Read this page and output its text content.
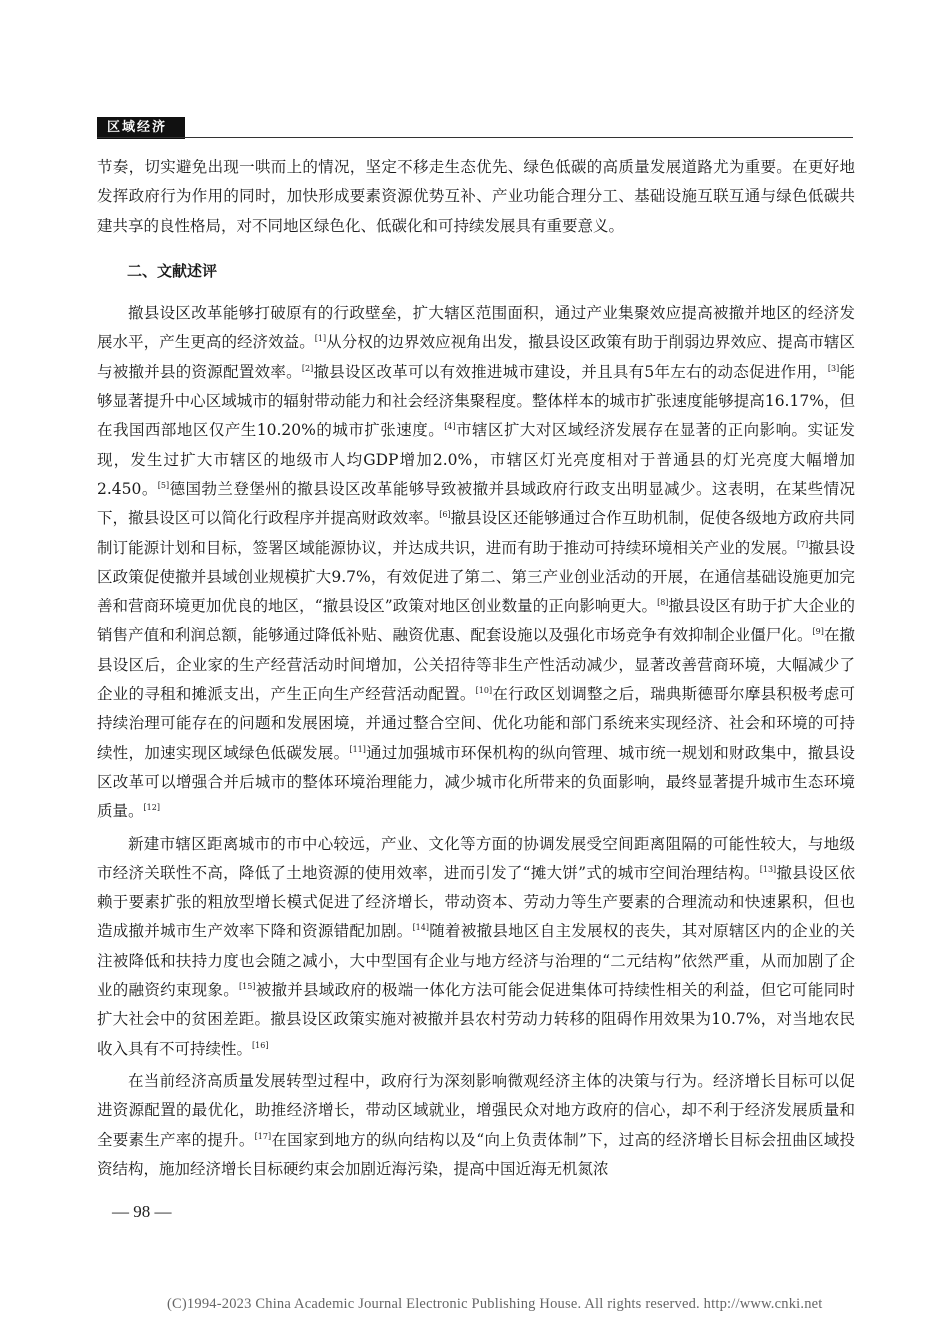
区域经济

节奏，切实避免出现一哄而上的情况，坚定不移走生态优先、绿色低碳的高质量发展道路尤为重要。在更好地发挥政府行为作用的同时，加快形成要素资源优势互补、产业功能合理分工、基础设施互联互通与绿色低碳共建共享的良性格局，对不同地区绿色化、低碳化和可持续发展具有重要意义。

二、文献述评

撤县设区改革能够打破原有的行政壁垒，扩大辖区范围面积，通过产业集聚效应提高被撤并地区的经济发展水平，产生更高的经济效益。[1]从分权的边界效应视角出发，撤县设区政策有助于削弱边界效应、提高市辖区与被撤并县的资源配置效率。[2]撤县设区改革可以有效推进城市建设，并且具有5年左右的动态促进作用，[3]能够显著提升中心区域城市的辐射带动能力和社会经济集聚程度。整体样本的城市扩张速度能够提高16.17%，但在我国西部地区仅产生10.20%的城市扩张速度。[4]市辖区扩大对区域经济发展存在显著的正向影响。实证发现，发生过扩大市辖区的地级市人均GDP增加2.0%，市辖区灯光亮度相对于普通县的灯光亮度大幅增加2.450。[5]德国勃兰登堡州的撤县设区改革能够导致被撤并县域政府行政支出明显减少。这表明，在某些情况下，撤县设区可以简化行政程序并提高财政效率。[6]撤县设区还能够通过合作互助机制，促使各级地方政府共同制订能源计划和目标，签署区域能源协议，并达成共识，进而有助于推动可持续环境相关产业的发展。[7]撤县设区政策促使撤并县域创业规模扩大9.7%，有效促进了第二、第三产业创业活动的开展，在通信基础设施更加完善和营商环境更加优良的地区，“撤县设区”政策对地区创业数量的正向影响更大。[8]撤县设区有助于扩大企业的销售产值和利润总额，能够通过降低补贴、融资优惠、配套设施以及强化市场竞争有效抑制企业僵尸化。[9]在撤县设区后，企业家的生产经营活动时间增加，公关招待等非生产性活动减少，显著改善营商环境，大幅减少了企业的寻租和摊派支出，产生正向生产经营活动配置。[10]在行政区划调整之后，瑞典斯德哥尔摩县积极考虑可持续治理可能存在的问题和发展困境，并通过整合空间、优化功能和部门系统来实现经济、社会和环境的可持续性，加速实现区域绿色低碳发展。[11]通过加强城市环保机构的纵向管理、城市统一规划和财政集中，撤县设区改革可以增强合并后城市的整体环境治理能力，减少城市化所带来的负面影响，最终显著提升城市生态环境质量。[12]

新建市辖区距离城市的市中心较远，产业、文化等方面的协调发展受空间距离阻隔的可能性较大，与地级市经济关联性不高，降低了土地资源的使用效率，进而引发了“摊大饼”式的城市空间治理结构。[13]撤县设区依赖于要素扩张的粗放型增长模式促进了经济增长，带动资本、劳动力等生产要素的合理流动和快速累积，但也造成撤并城市生产效率下降和资源错配加剧。[14]随着被撤县地区自主发展权的丧失，其对原辖区内的企业的关注被降低和扶持力度也会随之减小，大中型国有企业与地方经济与治理的“二元结构”依然严重，从而加剧了企业的融资约束现象。[15]被撤并县域政府的极端一体化方法可能会促进集体可持续性相关的利益，但它可能同时扩大社会中的贫困差距。撤县设区政策实施对被撤并县农村劳动力转移的阻碍作用效果为10.7%，对当地农民收入具有不可持续性。[16]

在当前经济高质量发展转型过程中，政府行为深刻影响微观经济主体的决策与行为。经济增长目标可以促进资源配置的最优化，助推经济增长，带动区域就业，增强民众对地方政府的信心，却不利于经济发展质量和全要素生产率的提升。[17]在国家到地方的纵向结构以及“向上负责体制”下，过高的经济增长目标会扭曲区域投资结构，施加经济增长目标硬约束会加剧近海污染，提高中国近海无机氮浓

— 98 —
(C)1994-2023 China Academic Journal Electronic Publishing House. All rights reserved. http://www.cnki.net
